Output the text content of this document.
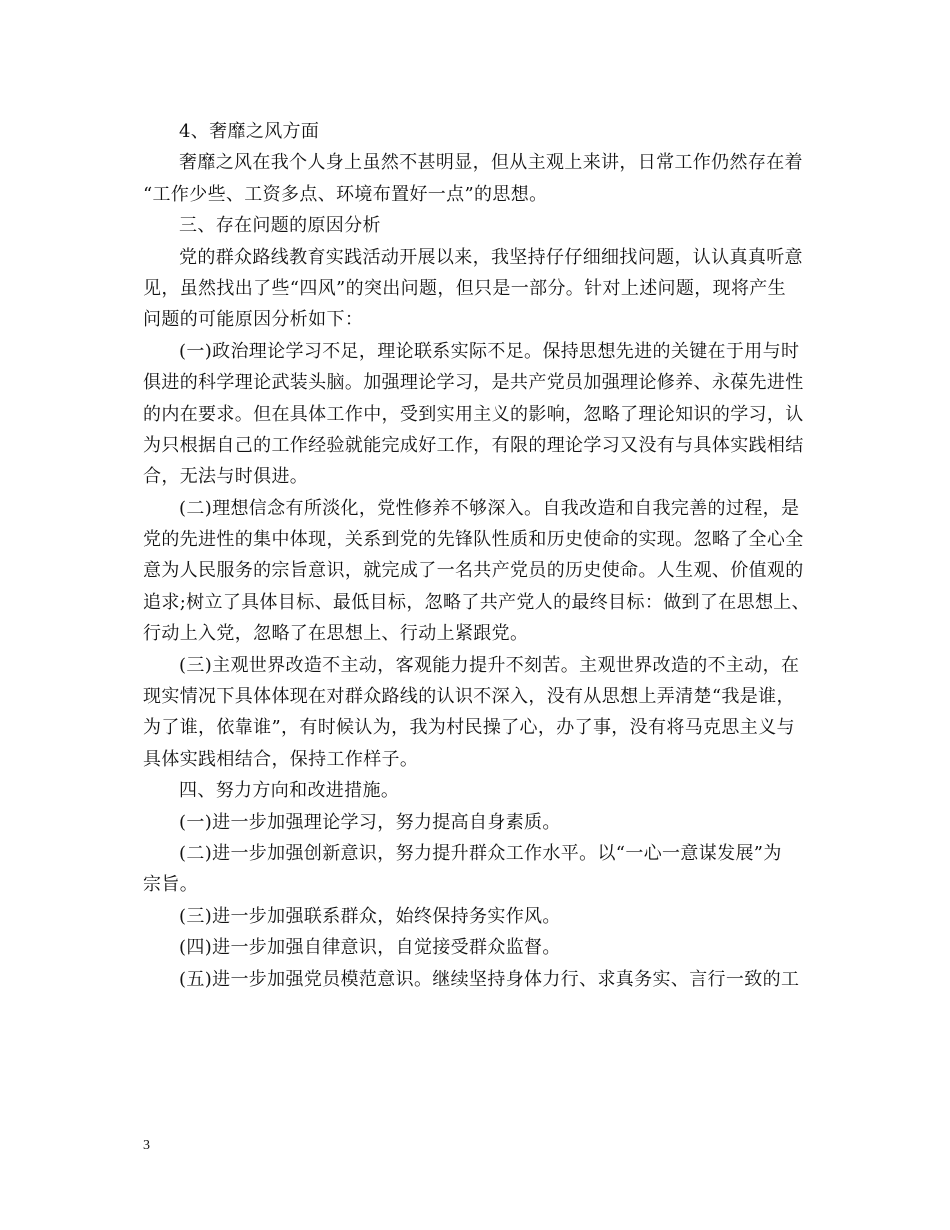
4、奢靡之风方面
奢靡之风在我个人身上虽然不甚明显，但从主观上来讲，日常工作仍然存在着
“工作少些、工资多点、环境布置好一点”的思想。
三、存在问题的原因分析
党的群众路线教育实践活动开展以来，我坚持仔仔细细找问题，认认真真听意
见，虽然找出了些“四风”的突出问题，但只是一部分。针对上述问题，现将产生
问题的可能原因分析如下：
(一)政治理论学习不足，理论联系实际不足。保持思想先进的关键在于用与时
俱进的科学理论武装头脑。加强理论学习，是共产党员加强理论修养、永葆先进性
的内在要求。但在具体工作中，受到实用主义的影响，忽略了理论知识的学习，认
为只根据自己的工作经验就能完成好工作，有限的理论学习又没有与具体实践相结
合，无法与时俱进。
(二)理想信念有所淡化，党性修养不够深入。自我改造和自我完善的过程，是
党的先进性的集中体现，关系到党的先锋队性质和历史使命的实现。忽略了全心全
意为人民服务的宗旨意识，就完成了一名共产党员的历史使命。人生观、价值观的
追求;树立了具体目标、最低目标，忽略了共产党人的最终目标：做到了在思想上、
行动上入党，忽略了在思想上、行动上紧跟党。
(三)主观世界改造不主动，客观能力提升不刻苦。主观世界改造的不主动，在
现实情况下具体体现在对群众路线的认识不深入，没有从思想上弄清楚“我是谁，
为了谁，依靠谁”，有时候认为，我为村民操了心，办了事，没有将马克思主义与
具体实践相结合，保持工作样子。
四、努力方向和改进措施。
(一)进一步加强理论学习，努力提高自身素质。
(二)进一步加强创新意识，努力提升群众工作水平。以“一心一意谋发展”为
宗旨。
(三)进一步加强联系群众，始终保持务实作风。
(四)进一步加强自律意识，自觉接受群众监督。
(五)进一步加强党员模范意识。继续坚持身体力行、求真务实、言行一致的工
3
